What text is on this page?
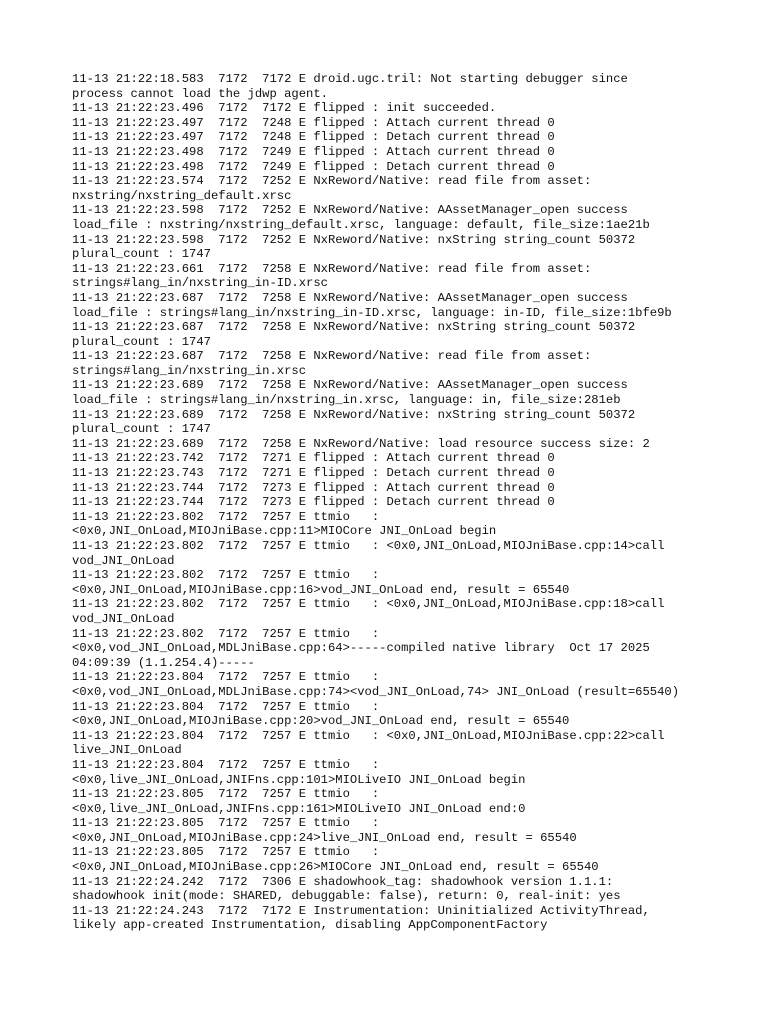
11-13 21:22:18.583  7172  7172 E droid.ugc.tril: Not starting debugger since
process cannot load the jdwp agent.
11-13 21:22:23.496  7172  7172 E flipped : init succeeded.
11-13 21:22:23.497  7172  7248 E flipped : Attach current thread 0
11-13 21:22:23.497  7172  7248 E flipped : Detach current thread 0
11-13 21:22:23.498  7172  7249 E flipped : Attach current thread 0
11-13 21:22:23.498  7172  7249 E flipped : Detach current thread 0
11-13 21:22:23.574  7172  7252 E NxReword/Native: read file from asset:
nxstring/nxstring_default.xrsc
11-13 21:22:23.598  7172  7252 E NxReword/Native: AAssetManager_open success
load_file : nxstring/nxstring_default.xrsc, language: default, file_size:1ae21b
11-13 21:22:23.598  7172  7252 E NxReword/Native: nxString string_count 50372
plural_count : 1747
11-13 21:22:23.661  7172  7258 E NxReword/Native: read file from asset:
strings#lang_in/nxstring_in-ID.xrsc
11-13 21:22:23.687  7172  7258 E NxReword/Native: AAssetManager_open success
load_file : strings#lang_in/nxstring_in-ID.xrsc, language: in-ID, file_size:1bfe9b
11-13 21:22:23.687  7172  7258 E NxReword/Native: nxString string_count 50372
plural_count : 1747
11-13 21:22:23.687  7172  7258 E NxReword/Native: read file from asset:
strings#lang_in/nxstring_in.xrsc
11-13 21:22:23.689  7172  7258 E NxReword/Native: AAssetManager_open success
load_file : strings#lang_in/nxstring_in.xrsc, language: in, file_size:281eb
11-13 21:22:23.689  7172  7258 E NxReword/Native: nxString string_count 50372
plural_count : 1747
11-13 21:22:23.689  7172  7258 E NxReword/Native: load resource success size: 2
11-13 21:22:23.742  7172  7271 E flipped : Attach current thread 0
11-13 21:22:23.743  7172  7271 E flipped : Detach current thread 0
11-13 21:22:23.744  7172  7273 E flipped : Attach current thread 0
11-13 21:22:23.744  7172  7273 E flipped : Detach current thread 0
11-13 21:22:23.802  7172  7257 E ttmio   :
<0x0,JNI_OnLoad,MIOJniBase.cpp:11>MIOCore JNI_OnLoad begin
11-13 21:22:23.802  7172  7257 E ttmio   : <0x0,JNI_OnLoad,MIOJniBase.cpp:14>call
vod_JNI_OnLoad
11-13 21:22:23.802  7172  7257 E ttmio   :
<0x0,JNI_OnLoad,MIOJniBase.cpp:16>vod_JNI_OnLoad end, result = 65540
11-13 21:22:23.802  7172  7257 E ttmio   : <0x0,JNI_OnLoad,MIOJniBase.cpp:18>call
vod_JNI_OnLoad
11-13 21:22:23.802  7172  7257 E ttmio   :
<0x0,vod_JNI_OnLoad,MDLJniBase.cpp:64>-----compiled native library  Oct 17 2025
04:09:39 (1.1.254.4)-----
11-13 21:22:23.804  7172  7257 E ttmio   :
<0x0,vod_JNI_OnLoad,MDLJniBase.cpp:74><vod_JNI_OnLoad,74> JNI_OnLoad (result=65540)
11-13 21:22:23.804  7172  7257 E ttmio   :
<0x0,JNI_OnLoad,MIOJniBase.cpp:20>vod_JNI_OnLoad end, result = 65540
11-13 21:22:23.804  7172  7257 E ttmio   : <0x0,JNI_OnLoad,MIOJniBase.cpp:22>call
live_JNI_OnLoad
11-13 21:22:23.804  7172  7257 E ttmio   :
<0x0,live_JNI_OnLoad,JNIFns.cpp:101>MIOLiveIO JNI_OnLoad begin
11-13 21:22:23.805  7172  7257 E ttmio   :
<0x0,live_JNI_OnLoad,JNIFns.cpp:161>MIOLiveIO JNI_OnLoad end:0
11-13 21:22:23.805  7172  7257 E ttmio   :
<0x0,JNI_OnLoad,MIOJniBase.cpp:24>live_JNI_OnLoad end, result = 65540
11-13 21:22:23.805  7172  7257 E ttmio   :
<0x0,JNI_OnLoad,MIOJniBase.cpp:26>MIOCore JNI_OnLoad end, result = 65540
11-13 21:22:24.242  7172  7306 E shadowhook_tag: shadowhook version 1.1.1:
shadowhook init(mode: SHARED, debuggable: false), return: 0, real-init: yes
11-13 21:22:24.243  7172  7172 E Instrumentation: Uninitialized ActivityThread,
likely app-created Instrumentation, disabling AppComponentFactory
